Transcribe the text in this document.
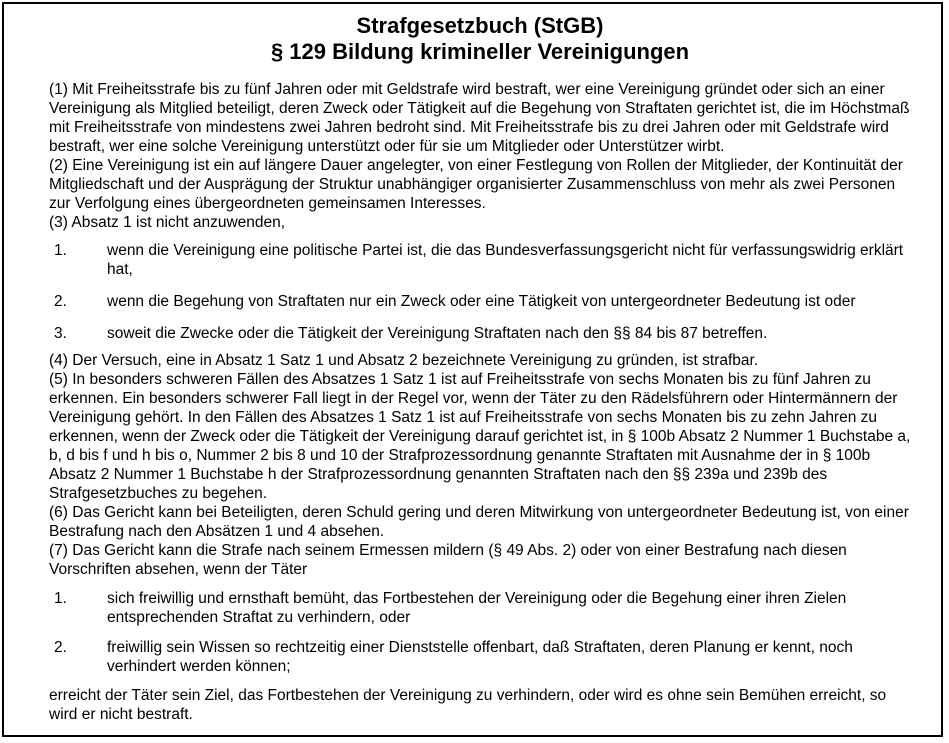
Strafgesetzbuch (StGB)
§ 129 Bildung krimineller Vereinigungen

(1) Mit Freiheitsstrafe bis zu fünf Jahren oder mit Geldstrafe wird bestraft, wer eine Vereinigung gründet oder sich an einer Vereinigung als Mitglied beteiligt, deren Zweck oder Tätigkeit auf die Begehung von Straftaten gerichtet ist, die im Höchstmaß mit Freiheitsstrafe von mindestens zwei Jahren bedroht sind. Mit Freiheitsstrafe bis zu drei Jahren oder mit Geldstrafe wird bestraft, wer eine solche Vereinigung unterstützt oder für sie um Mitglieder oder Unterstützer wirbt.

(2) Eine Vereinigung ist ein auf längere Dauer angelegter, von einer Festlegung von Rollen der Mitglieder, der Kontinuität der Mitgliedschaft und der Ausprägung der Struktur unabhängiger organisierter Zusammenschluss von mehr als zwei Personen zur Verfolgung eines übergeordneten gemeinsamen Interesses.

(3) Absatz 1 ist nicht anzuwenden,

1.	wenn die Vereinigung eine politische Partei ist, die das Bundesverfassungsgericht nicht für verfassungswidrig erklärt hat,
2.	wenn die Begehung von Straftaten nur ein Zweck oder eine Tätigkeit von untergeordneter Bedeutung ist oder
3.	soweit die Zwecke oder die Tätigkeit der Vereinigung Straftaten nach den §§ 84 bis 87 betreffen.

(4) Der Versuch, eine in Absatz 1 Satz 1 und Absatz 2 bezeichnete Vereinigung zu gründen, ist strafbar.

(5) In besonders schweren Fällen des Absatzes 1 Satz 1 ist auf Freiheitsstrafe von sechs Monaten bis zu fünf Jahren zu erkennen. Ein besonders schwerer Fall liegt in der Regel vor, wenn der Täter zu den Rädelsführern oder Hintermännern der Vereinigung gehört. In den Fällen des Absatzes 1 Satz 1 ist auf Freiheitsstrafe von sechs Monaten bis zu zehn Jahren zu erkennen, wenn der Zweck oder die Tätigkeit der Vereinigung darauf gerichtet ist, in § 100b Absatz 2 Nummer 1 Buchstabe a, b, d bis f und h bis o, Nummer 2 bis 8 und 10 der Strafprozessordnung genannte Straftaten mit Ausnahme der in § 100b Absatz 2 Nummer 1 Buchstabe h der Strafprozessordnung genannten Straftaten nach den §§ 239a und 239b des Strafgesetzbuches zu begehen.

(6) Das Gericht kann bei Beteiligten, deren Schuld gering und deren Mitwirkung von untergeordneter Bedeutung ist, von einer Bestrafung nach den Absätzen 1 und 4 absehen.

(7) Das Gericht kann die Strafe nach seinem Ermessen mildern (§ 49 Abs. 2) oder von einer Bestrafung nach diesen Vorschriften absehen, wenn der Täter

1.	sich freiwillig und ernsthaft bemüht, das Fortbestehen der Vereinigung oder die Begehung einer ihren Zielen entsprechenden Straftat zu verhindern, oder
2.	freiwillig sein Wissen so rechtzeitig einer Dienststelle offenbart, daß Straftaten, deren Planung er kennt, noch verhindert werden können;

erreicht der Täter sein Ziel, das Fortbestehen der Vereinigung zu verhindern, oder wird es ohne sein Bemühen erreicht, so wird er nicht bestraft.
